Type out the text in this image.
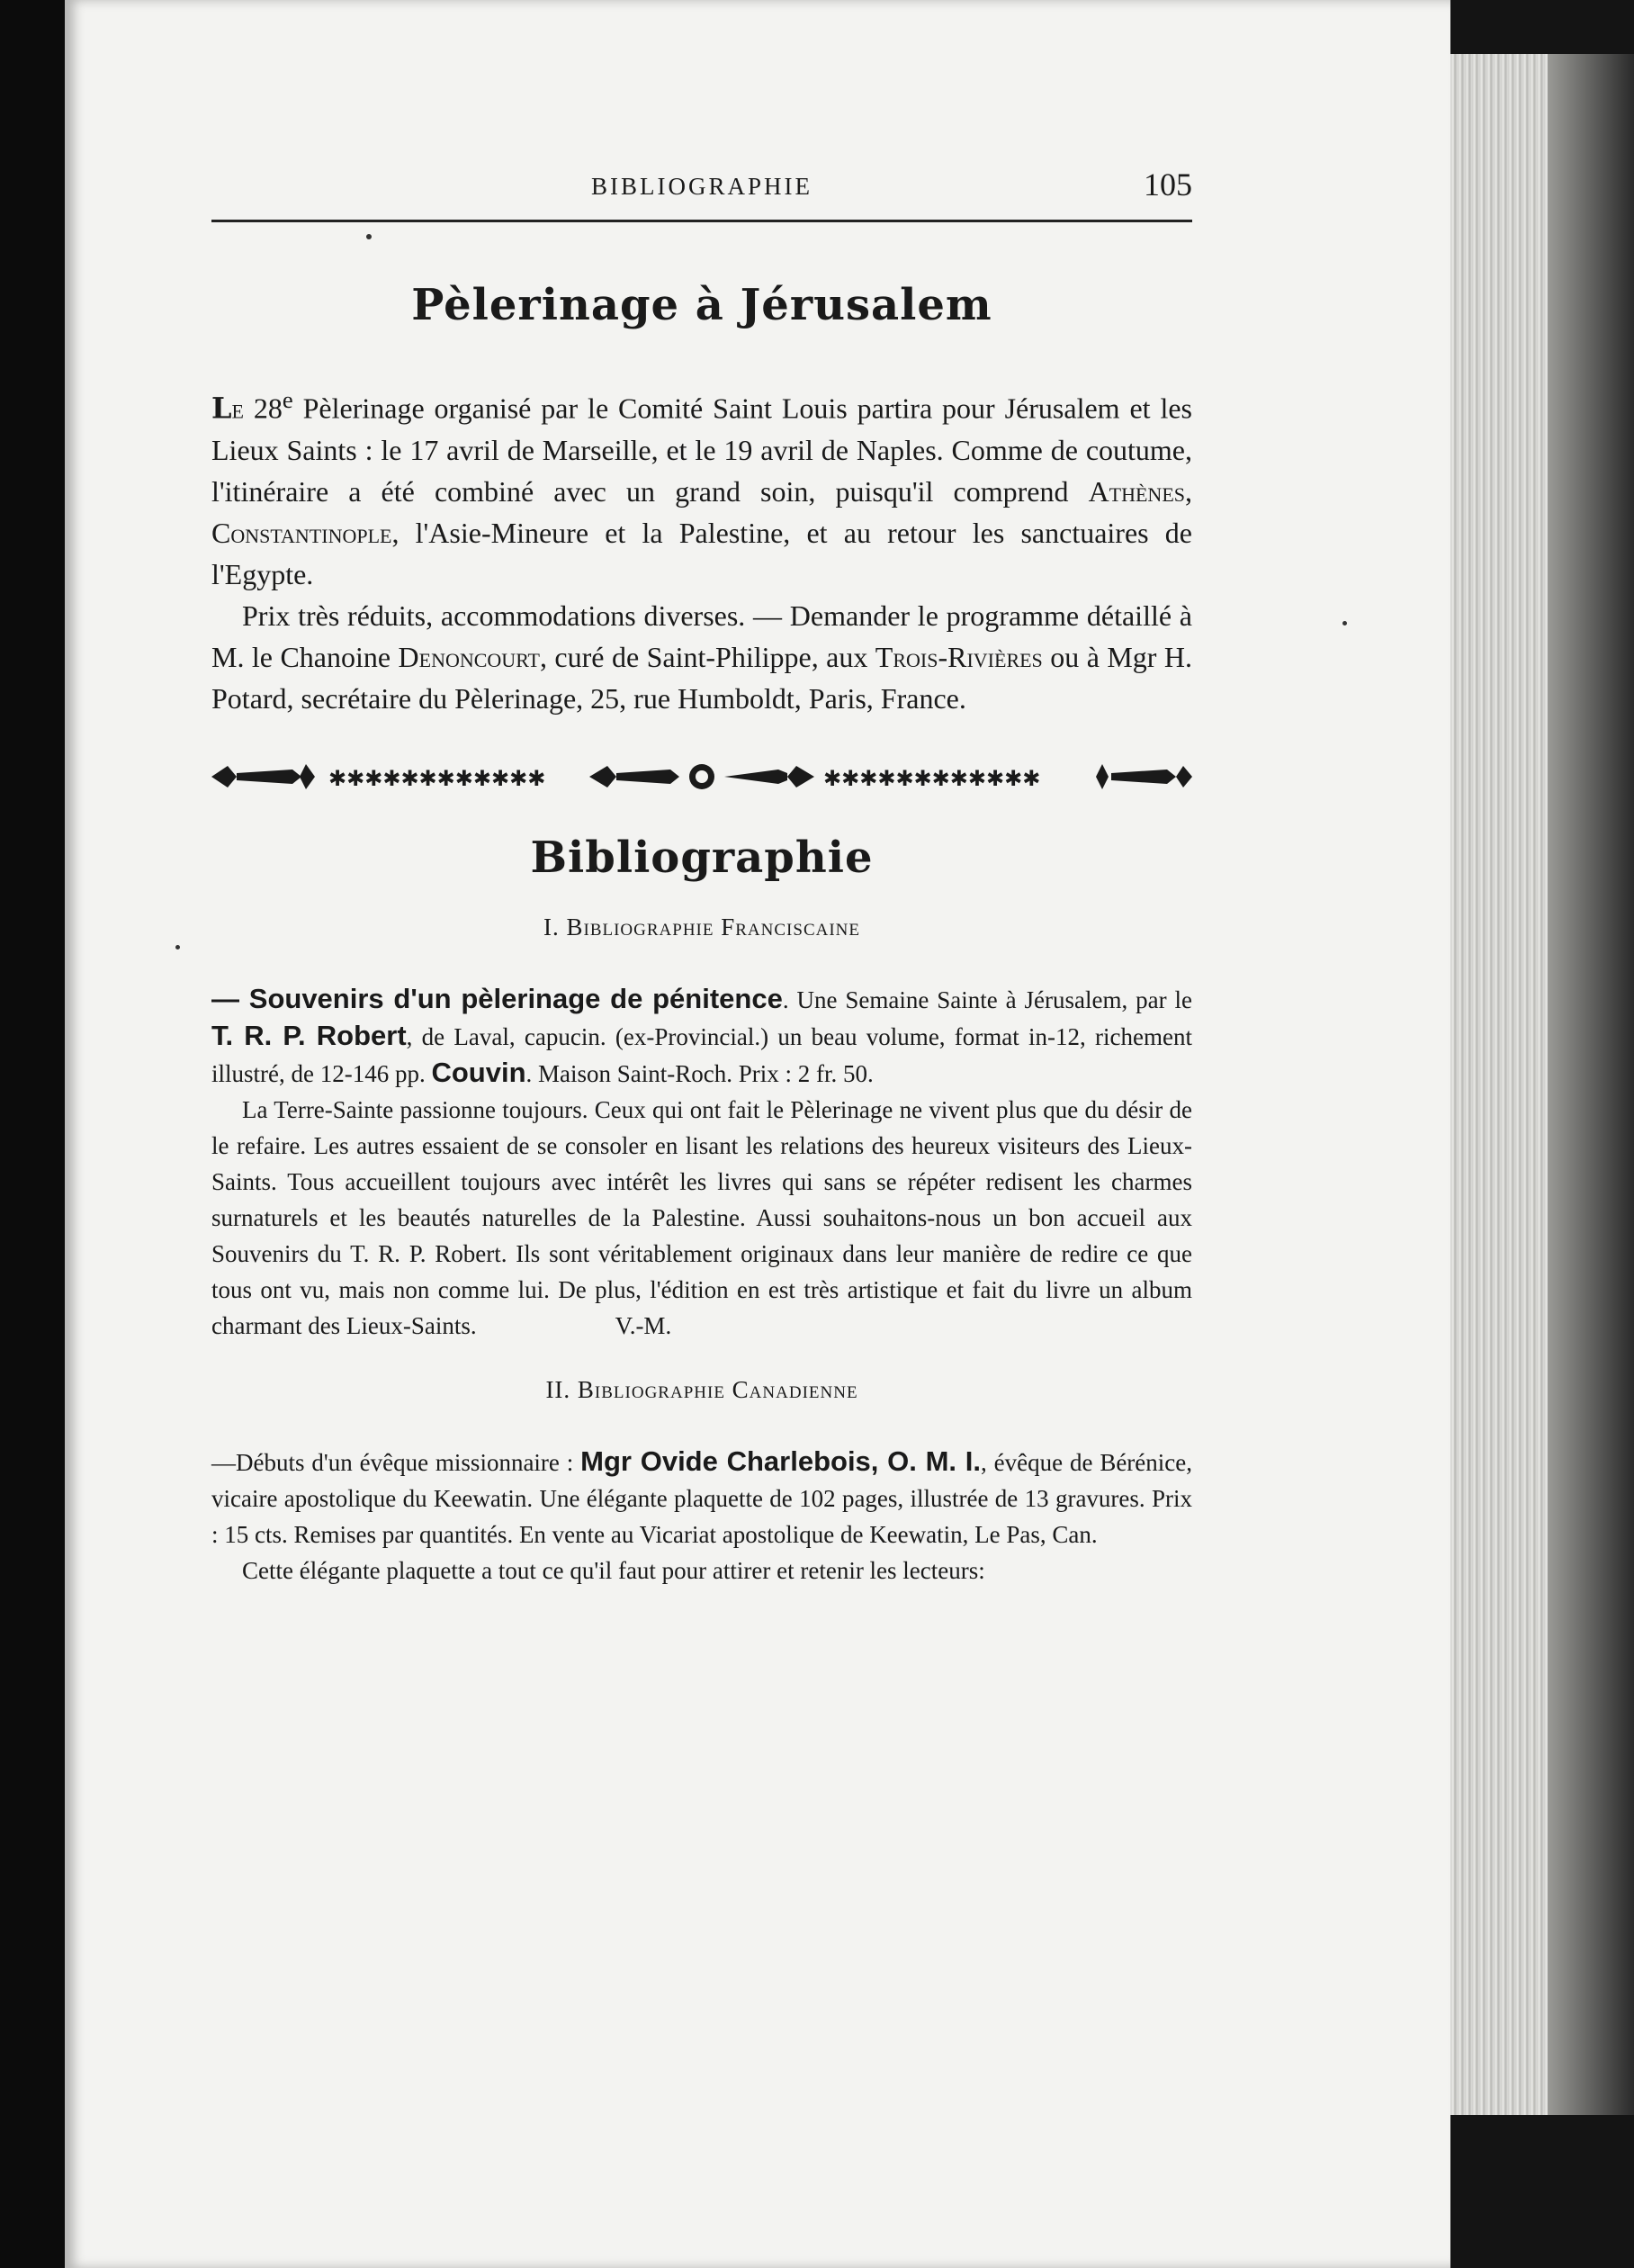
BIBLIOGRAPHIE	105
Pèlerinage à Jérusalem

Le 28e Pèlerinage organisé par le Comité Saint Louis partira pour Jérusalem et les Lieux Saints : le 17 avril de Marseille, et le 19 avril de Naples. Comme de coutume, l'itinéraire a été combiné avec un grand soin, puisqu'il comprend Athènes, Constantinople, l'Asie-Mineure et la Palestine, et au retour les sanctuaires de l'Egypte.

Prix très réduits, accommodations diverses. — Demander le programme détaillé à M. le Chanoine Denoncourt, curé de Saint-Philippe, aux Trois-Rivières ou à Mgr H. Potard, secrétaire du Pèlerinage, 25, rue Humboldt, Paris, France.

✱✱✱✱✱✱✱✱✱✱✱✱	✱✱✱✱✱✱✱✱✱✱✱✱
Bibliographie
I. Bibliographie Franciscaine

— Souvenirs d'un pèlerinage de pénitence. Une Semaine Sainte à Jérusalem, par le T. R. P. Robert, de Laval, capucin. (ex-Provincial.) un beau volume, format in-12, richement illustré, de 12-146 pp. Couvin. Maison Saint-Roch. Prix : 2 fr. 50.

La Terre-Sainte passionne toujours. Ceux qui ont fait le Pèlerinage ne vivent plus que du désir de le refaire. Les autres essaient de se consoler en lisant les relations des heureux visiteurs des Lieux-Saints. Tous accueillent toujours avec intérêt les livres qui sans se répéter redisent les charmes surnaturels et les beautés naturelles de la Palestine. Aussi souhaitons-nous un bon accueil aux Souvenirs du T. R. P. Robert. Ils sont véritablement originaux dans leur manière de redire ce que tous ont vu, mais non comme lui. De plus, l'édition en est très artistique et fait du livre un album charmant des Lieux-Saints.	V.-M.

II. Bibliographie Canadienne

—Débuts d'un évêque missionnaire : Mgr Ovide Charlebois, O. M. I., évêque de Bérénice, vicaire apostolique du Keewatin. Une élégante plaquette de 102 pages, illustrée de 13 gravures. Prix : 15 cts. Remises par quantités. En vente au Vicariat apostolique de Keewatin, Le Pas, Can.

Cette élégante plaquette a tout ce qu'il faut pour attirer et retenir les lecteurs:
